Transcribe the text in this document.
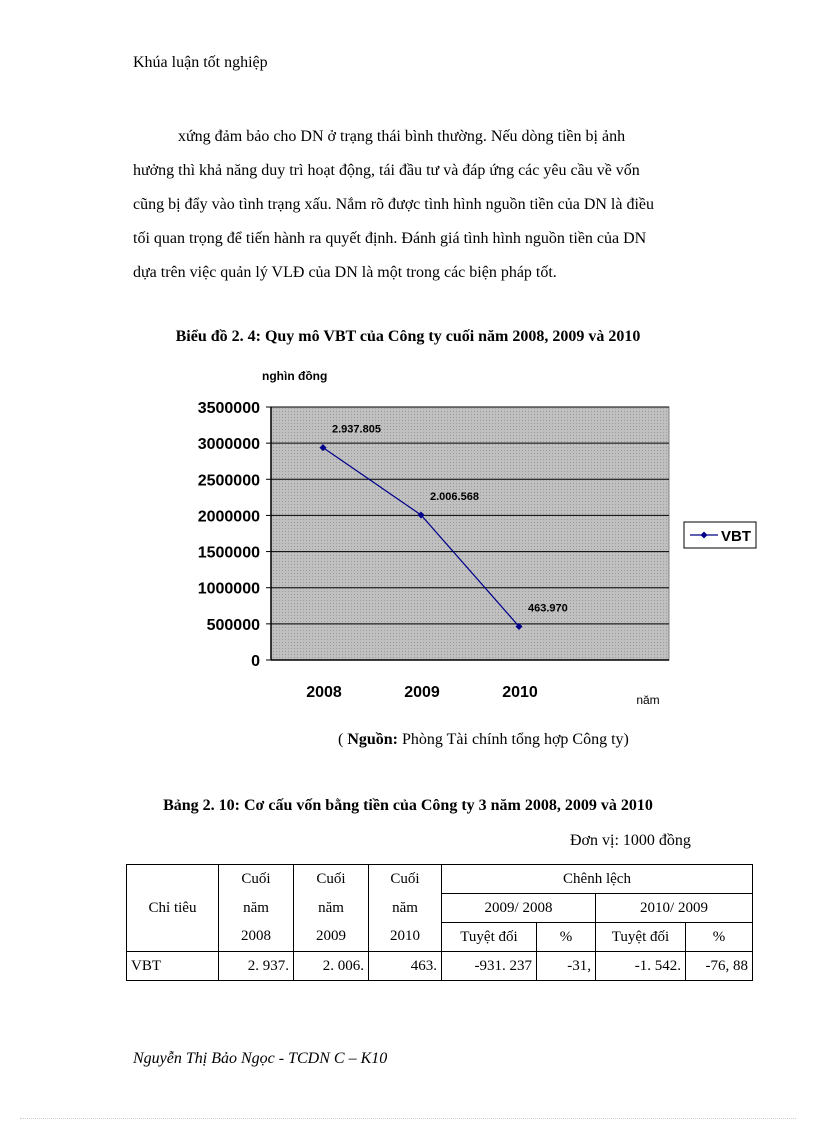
Khúa luận tốt nghiệp
xứng đảm bảo cho DN ở trạng thái bình thường. Nếu dòng tiền bị ảnh
hưởng thì khả năng duy trì hoạt động, tái đầu tư và đáp ứng các yêu cầu về vốn
cũng bị đẩy vào tình trạng xấu. Nắm rõ được tình hình nguồn tiền của DN là điều
tối quan trọng để tiến hành ra quyết định. Đánh giá tình hình nguồn tiền của DN
dựa trên việc quản lý VLĐ của DN là một trong các biện pháp tốt.
Biểu đồ 2. 4: Quy mô VBT của Công ty cuối năm 2008, 2009 và 2010
0
500000
1000000
1500000
2000000
2500000
3000000
3500000
2008	2009	2010	năm
nghìn đồng
2.937.805
2.006.568
463.970
VBT
( Nguồn: Phòng Tài chính tổng hợp Công ty)
Bảng 2. 10: Cơ cấu vốn bằng tiền của Công ty 3 năm 2008, 2009 và 2010
Đơn vị: 1000 đồng
	Cuối	Cuối	Cuối	Chênh lệch			
Chỉ tiêu	năm	năm	năm	2009/ 2008		2010/ 2009	
	2008	2009	2010	Tuyệt đối	%	Tuyệt đối	%
VBT	2. 937.	2. 006.	463.	-931. 237	-31,	-1. 542.	-76, 88
Nguyễn Thị Bảo Ngọc - TCDN C – K10
